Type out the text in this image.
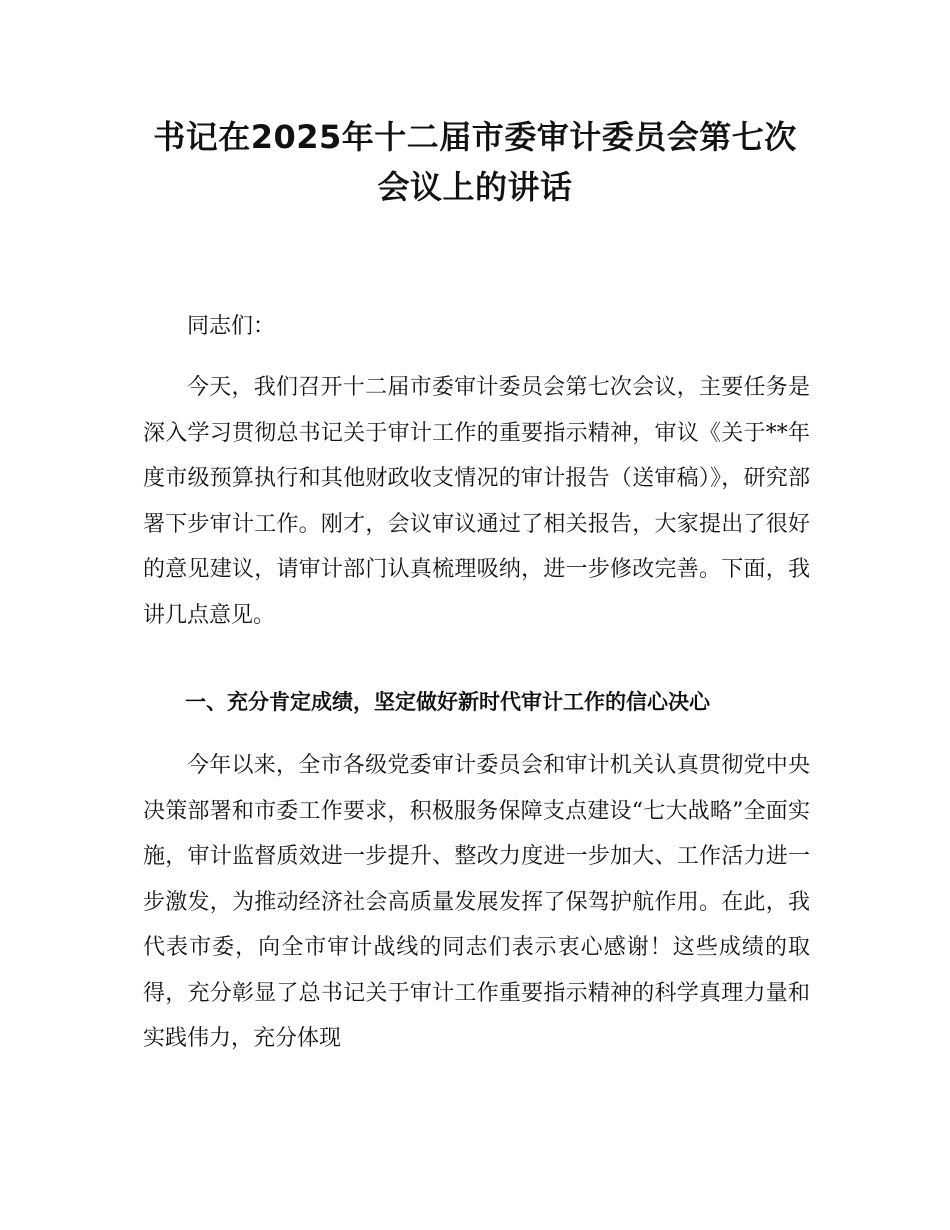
书记在2025年十二届市委审计委员会第七次
会议上的讲话

同志们：

今天，我们召开十二届市委审计委员会第七次会议，主要任务是深入学习贯彻总书记关于审计工作的重要指示精神，审议《关于**年度市级预算执行和其他财政收支情况的审计报告（送审稿）》，研究部署下步审计工作。刚才，会议审议通过了相关报告，大家提出了很好的意见建议，请审计部门认真梳理吸纳，进一步修改完善。下面，我讲几点意见。

一、充分肯定成绩，坚定做好新时代审计工作的信心决心

今年以来，全市各级党委审计委员会和审计机关认真贯彻党中央决策部署和市委工作要求，积极服务保障支点建设“七大战略”全面实施，审计监督质效进一步提升、整改力度进一步加大、工作活力进一步激发，为推动经济社会高质量发展发挥了保驾护航作用。在此，我代表市委，向全市审计战线的同志们表示衷心感谢！这些成绩的取得，充分彰显了总书记关于审计工作重要指示精神的科学真理力量和实践伟力，充分体现
